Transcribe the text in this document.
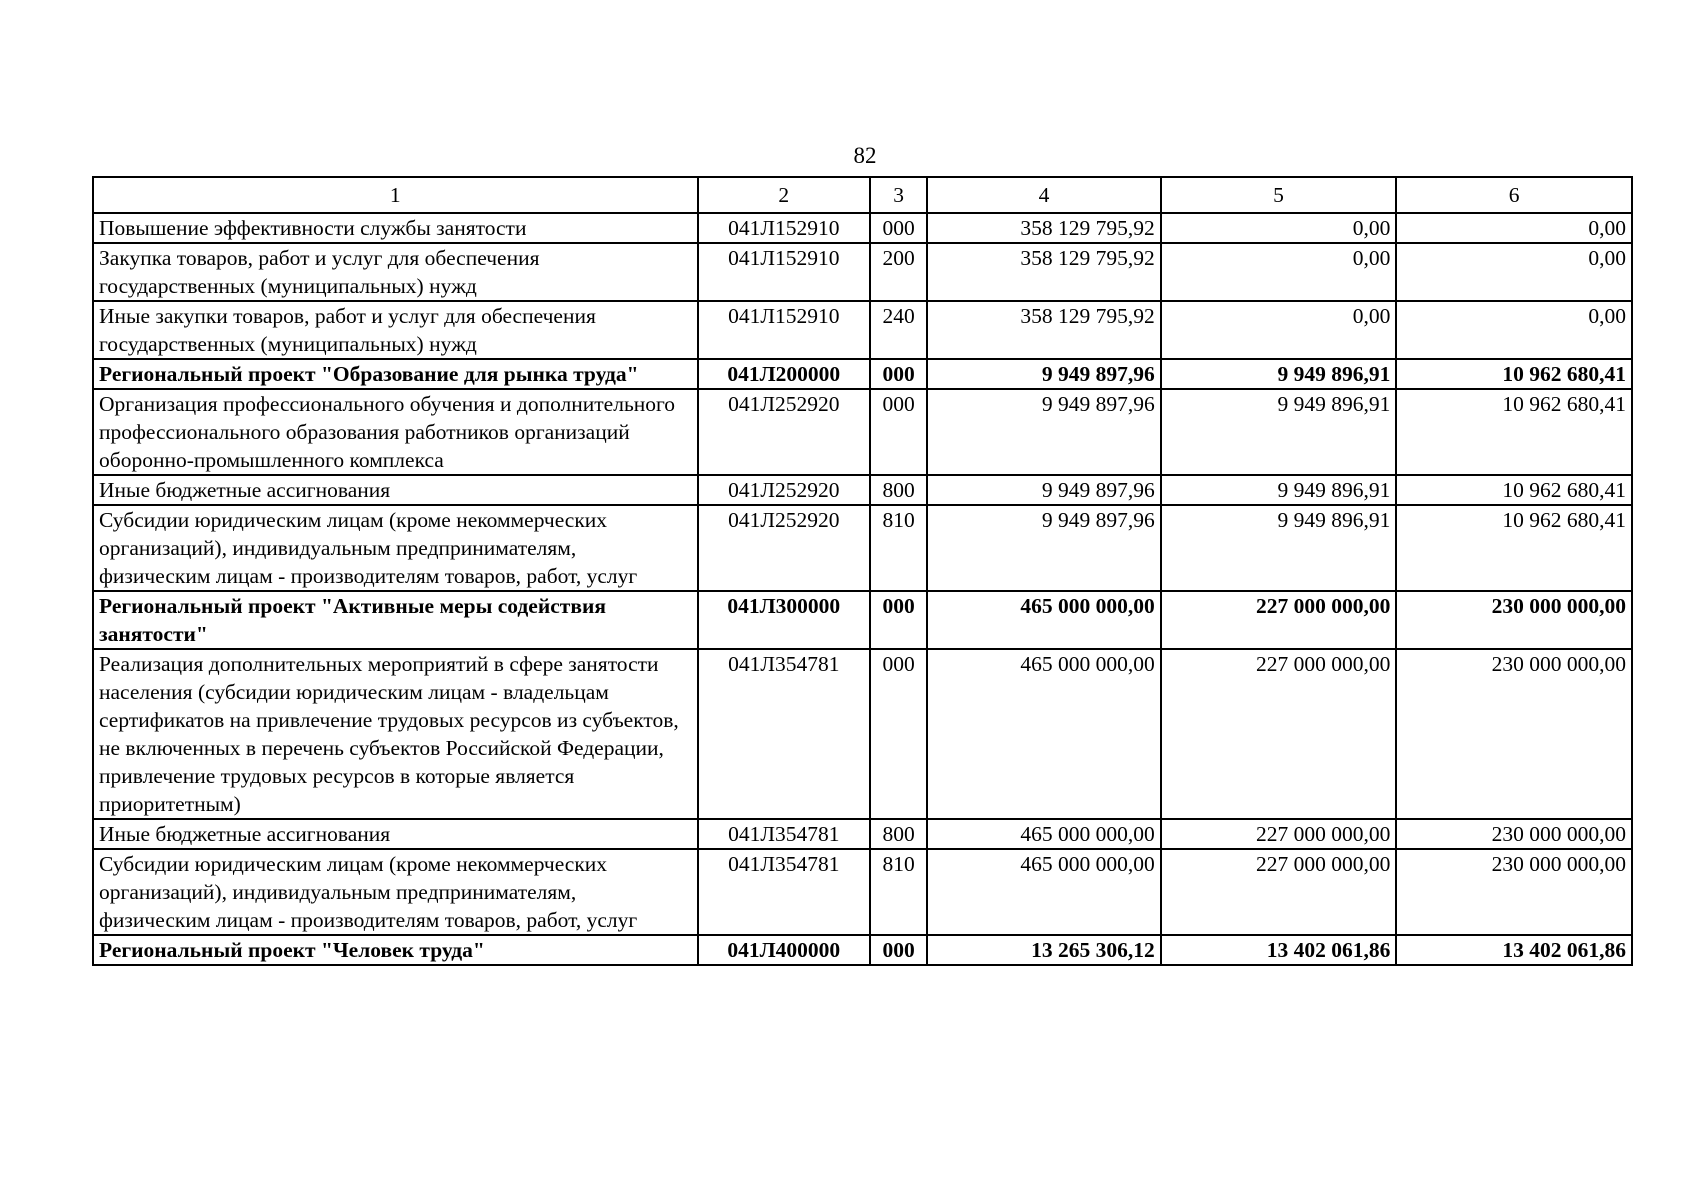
82
1	2	3	4	5	6
Повышение эффективности службы занятости	041Л152910	000	358 129 795,92	0,00	0,00
Закупка товаров, работ и услуг для обеспечения государственных (муниципальных) нужд	041Л152910	200	358 129 795,92	0,00	0,00
Иные закупки товаров, работ и услуг для обеспечения государственных (муниципальных) нужд	041Л152910	240	358 129 795,92	0,00	0,00
Региональный проект "Образование для рынка труда"	041Л200000	000	9 949 897,96	9 949 896,91	10 962 680,41
Организация профессионального обучения и дополнительного профессионального образования работников организаций оборонно-промышленного комплекса	041Л252920	000	9 949 897,96	9 949 896,91	10 962 680,41
Иные бюджетные ассигнования	041Л252920	800	9 949 897,96	9 949 896,91	10 962 680,41
Субсидии юридическим лицам (кроме некоммерческих организаций), индивидуальным предпринимателям, физическим лицам - производителям товаров, работ, услуг	041Л252920	810	9 949 897,96	9 949 896,91	10 962 680,41
Региональный проект "Активные меры содействия занятости"	041Л300000	000	465 000 000,00	227 000 000,00	230 000 000,00
Реализация дополнительных мероприятий в сфере занятости населения (субсидии юридическим лицам - владельцам сертификатов на привлечение трудовых ресурсов из субъектов, не включенных в перечень субъектов Российской Федерации, привлечение трудовых ресурсов в которые является приоритетным)	041Л354781	000	465 000 000,00	227 000 000,00	230 000 000,00
Иные бюджетные ассигнования	041Л354781	800	465 000 000,00	227 000 000,00	230 000 000,00
Субсидии юридическим лицам (кроме некоммерческих организаций), индивидуальным предпринимателям, физическим лицам - производителям товаров, работ, услуг	041Л354781	810	465 000 000,00	227 000 000,00	230 000 000,00
Региональный проект "Человек труда"	041Л400000	000	13 265 306,12	13 402 061,86	13 402 061,86
